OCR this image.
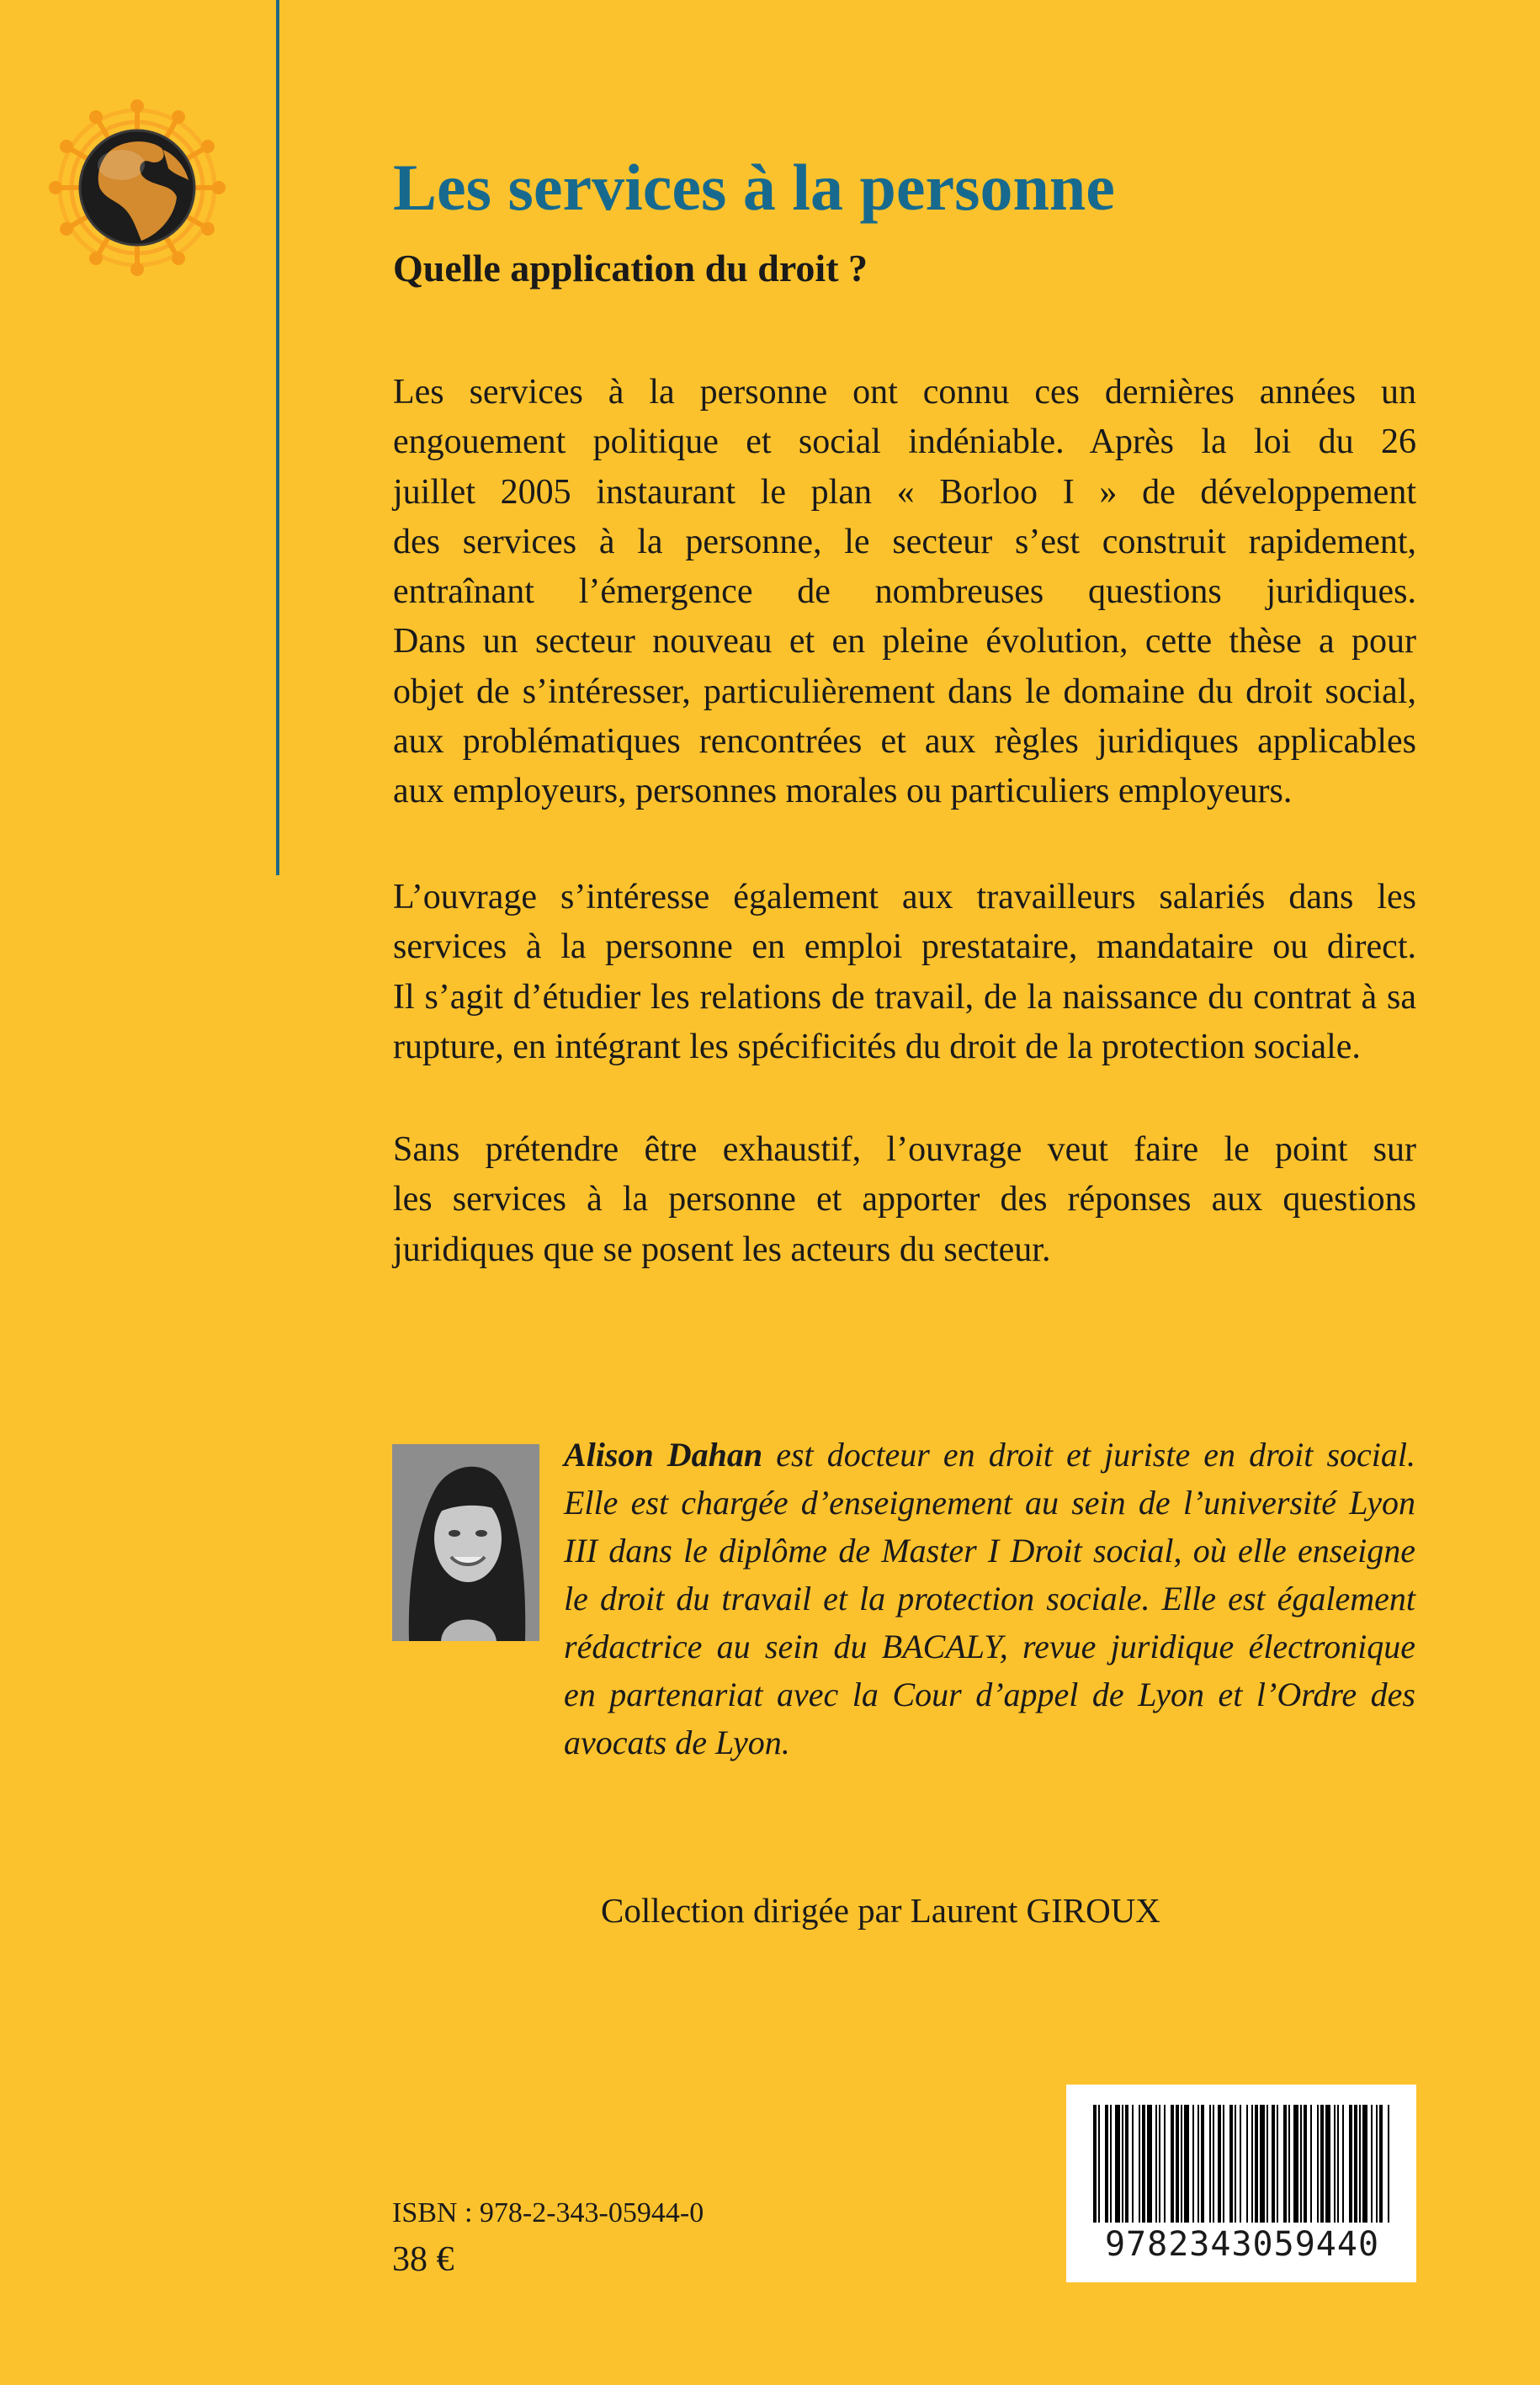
Les services à la personne
Quelle application du droit ?

Les services à la personne ont connu ces dernières années un

engouement politique et social indéniable. Après la loi du 26

juillet 2005 instaurant le plan « Borloo I » de développement

des services à la personne, le secteur s’est construit rapidement,

entraînant l’émergence de nombreuses questions juridiques.

Dans un secteur nouveau et en pleine évolution, cette thèse a pour

objet de s’intéresser, particulièrement dans le domaine du droit social,

aux problématiques rencontrées et aux règles juridiques applicables

aux employeurs, personnes morales ou particuliers employeurs.

L’ouvrage s’intéresse également aux travailleurs salariés dans les

services à la personne en emploi prestataire, mandataire ou direct.

Il s’agit d’étudier les relations de travail, de la naissance du contrat à sa

rupture, en intégrant les spécificités du droit de la protection sociale.

Sans prétendre être exhaustif, l’ouvrage veut faire le point sur

les services à la personne et apporter des réponses aux questions

juridiques que se posent les acteurs du secteur.

Alison Dahan est docteur en droit et juriste en droit social.

Elle est chargée d’enseignement au sein de l’université Lyon

III dans le diplôme de Master I Droit social, où elle enseigne

le droit du travail et la protection sociale. Elle est également

rédactrice au sein du BACALY, revue juridique électronique

en partenariat avec la Cour d’appel de Lyon et l’Ordre des avocats de Lyon.

Collection dirigée par Laurent GIROUX

9782343059440

ISBN : 978-2-343-05944-0

38 €
